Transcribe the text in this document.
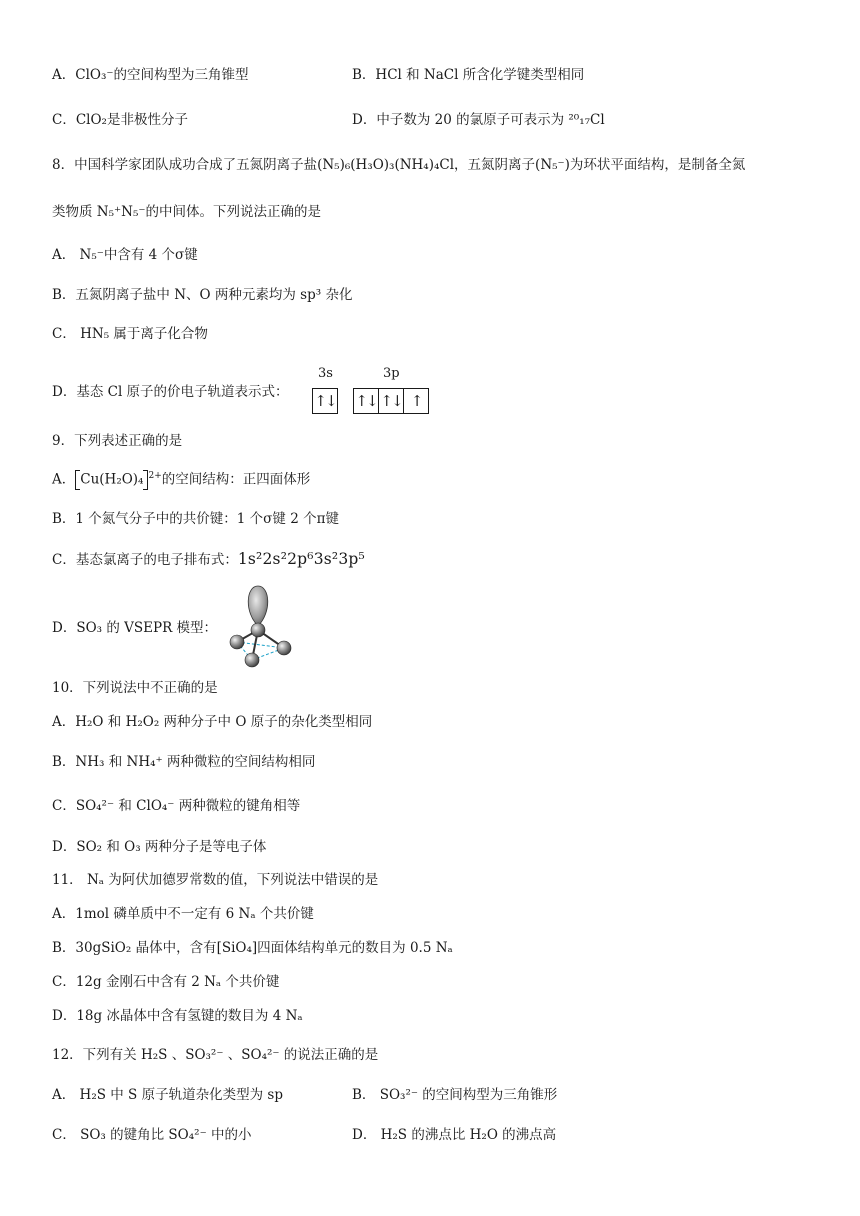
A．ClO₃⁻的空间构型为三角锥型	B．HCl 和 NaCl 所含化学键类型相同
C．ClO₂是非极性分子	D．中子数为 20 的氯原子可表示为 ²⁰₁₇Cl
8．中国科学家团队成功合成了五氮阴离子盐(N₅)₆(H₃O)₃(NH₄)₄Cl，五氮阴离子(N₅⁻)为环状平面结构，是制备全氮
类物质 N₅⁺N₅⁻的中间体。下列说法正确的是
A． N₅⁻中含有 4 个σ键
B．五氮阴离子盐中 N、O 两种元素均为 sp³ 杂化
C． HN₅ 属于离子化合物
D．基态 Cl 原子的价电子轨道表示式：
3s	3p
↑↓ ↑↓ ↑↓ ↑
9．下列表述正确的是
A． Cu(H₂O)₄ $^{2+}$的空间结构：正四面体形
B．1 个氮气分子中的共价键：1 个σ键 2 个π键
C．基态氯离子的电子排布式：1s²2s²2p⁶3s²3p⁵
D．SO₃ 的 VSEPR 模型：
10．下列说法中不正确的是
A．H₂O 和 H₂O₂ 两种分子中 O 原子的杂化类型相同
B．NH₃ 和 NH₄⁺ 两种微粒的空间结构相同
C．SO₄²⁻ 和 ClO₄⁻ 两种微粒的键角相等
D．SO₂ 和 O₃ 两种分子是等电子体
11． Nₐ 为阿伏加德罗常数的值，下列说法中错误的是
A．1mol 磷单质中不一定有 6 Nₐ 个共价键
B．30gSiO₂ 晶体中，含有[SiO₄]四面体结构单元的数目为 0.5 Nₐ
C．12g 金刚石中含有 2 Nₐ 个共价键
D．18g 冰晶体中含有氢键的数目为 4 Nₐ
12．下列有关 H₂S 、SO₃²⁻ 、SO₄²⁻ 的说法正确的是
A． H₂S 中 S 原子轨道杂化类型为 sp	B． SO₃²⁻ 的空间构型为三角锥形
C． SO₃ 的键角比 SO₄²⁻ 中的小	D． H₂S 的沸点比 H₂O 的沸点高
